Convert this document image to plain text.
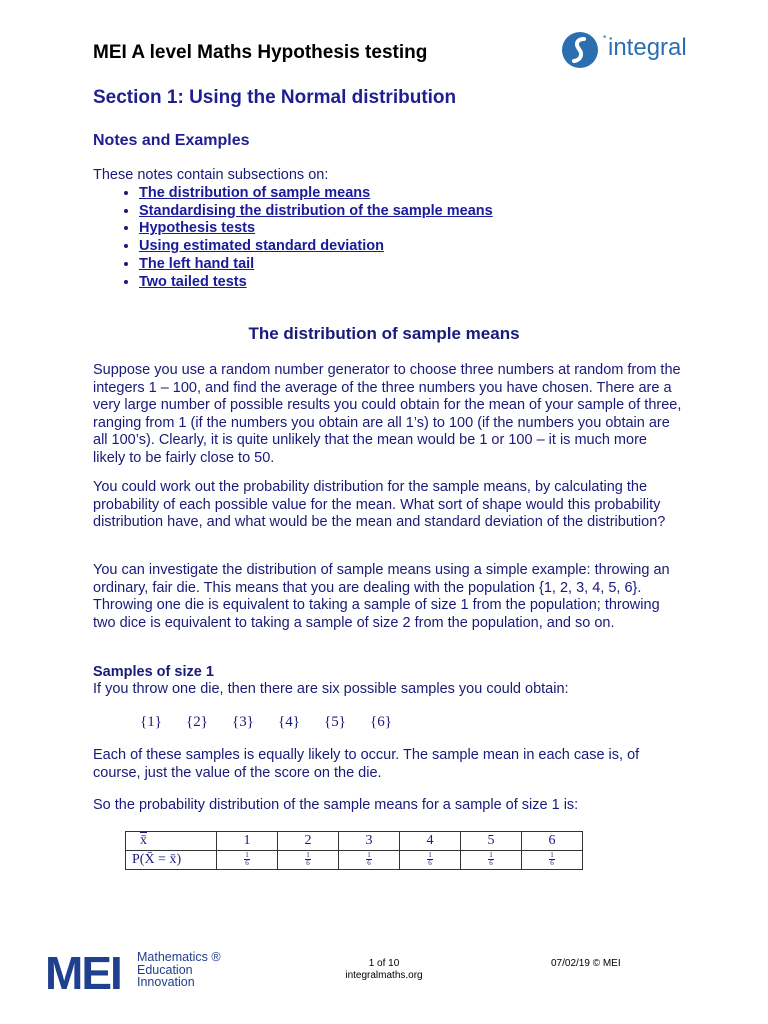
MEI A level Maths Hypothesis testing
'' integral
Section 1: Using the Normal distribution
Notes and Examples

These notes contain subsections on:

• The distribution of sample means
• Standardising the distribution of the sample means
• Hypothesis tests
• Using estimated standard deviation
• The left hand tail
• Two tailed tests
The distribution of sample means

Suppose you use a random number generator to choose three numbers at random from the integers 1 – 100, and find the average of the three numbers you have chosen. There are a very large number of possible results you could obtain for the mean of your sample of three, ranging from 1 (if the numbers you obtain are all 1’s) to 100 (if the numbers you obtain are all 100’s). Clearly, it is quite unlikely that the mean would be 1 or 100 – it is much more likely to be fairly close to 50.

You could work out the probability distribution for the sample means, by calculating the probability of each possible value for the mean. What sort of shape would this probability distribution have, and what would be the mean and standard deviation of the distribution?

You can investigate the distribution of sample means using a simple example: throwing an ordinary, fair die. This means that you are dealing with the population {1, 2, 3, 4, 5, 6}. Throwing one die is equivalent to taking a sample of size 1 from the population; throwing two dice is equivalent to taking a sample of size 2 from the population, and so on.

Samples of size 1

If you throw one die, then there are six possible samples you could obtain:

{1} {2} {3} {4} {5} {6}

Each of these samples is equally likely to occur. The sample mean in each case is, of course, just the value of the score on the die.

So the probability distribution of the sample means for a sample of size 1 is:

x̄	1	2	3	4	5	6
P(X̄ = x̄)	$\frac{1}{6}$	$\frac{1}{6}$	$\frac{1}{6}$	$\frac{1}{6}$	$\frac{1}{6}$	$\frac{1}{6}$
MEI Mathematics ®
Education
Innovation
1 of 10
integralmaths.org
07/02/19 © MEI
